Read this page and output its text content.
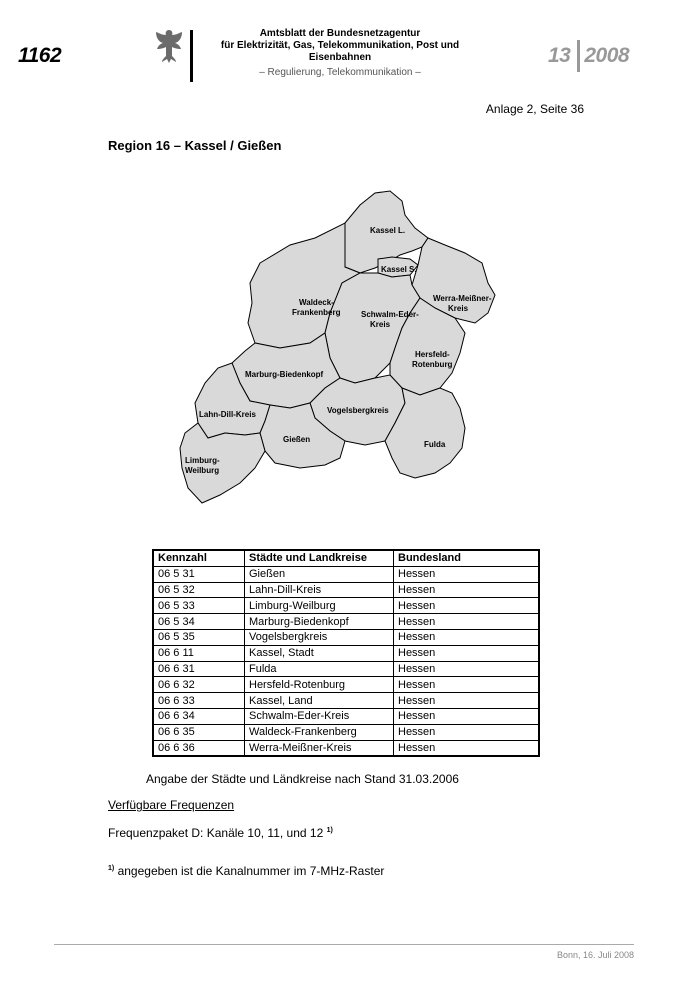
1162
Amtsblatt der Bundesnetzagentur
für Elektrizität, Gas, Telekommunikation, Post und Eisenbahnen
– Regulierung, Telekommunikation –
13 2008
Anlage 2, Seite 36
Region 16 – Kassel / Gießen
Kassel L.
Kassel S.
Waldeck-
Frankenberg
Werra-Meißner-
Kreis
Schwalm-Eder-
Kreis
Hersfeld-
Rotenburg
Marburg-Biedenkopf
Vogelsbergkreis
Lahn-Dill-Kreis
Gießen
Fulda
Limburg-
Weilburg
Kennzahl	Städte und Landkreise	Bundesland
06 5 31	Gießen	Hessen
06 5 32	Lahn-Dill-Kreis	Hessen
06 5 33	Limburg-Weilburg	Hessen
06 5 34	Marburg-Biedenkopf	Hessen
06 5 35	Vogelsbergkreis	Hessen
06 6 11	Kassel, Stadt	Hessen
06 6 31	Fulda	Hessen
06 6 32	Hersfeld-Rotenburg	Hessen
06 6 33	Kassel, Land	Hessen
06 6 34	Schwalm-Eder-Kreis	Hessen
06 6 35	Waldeck-Frankenberg	Hessen
06 6 36	Werra-Meißner-Kreis	Hessen
Angabe der Städte und Ländkreise nach Stand 31.03.2006
Verfügbare Frequenzen
Frequenzpaket D: Kanäle 10, 11, und 12 $^{1)}$
$^{1)}$ angegeben ist die Kanalnummer im 7-MHz-Raster
Bonn, 16. Juli 2008
